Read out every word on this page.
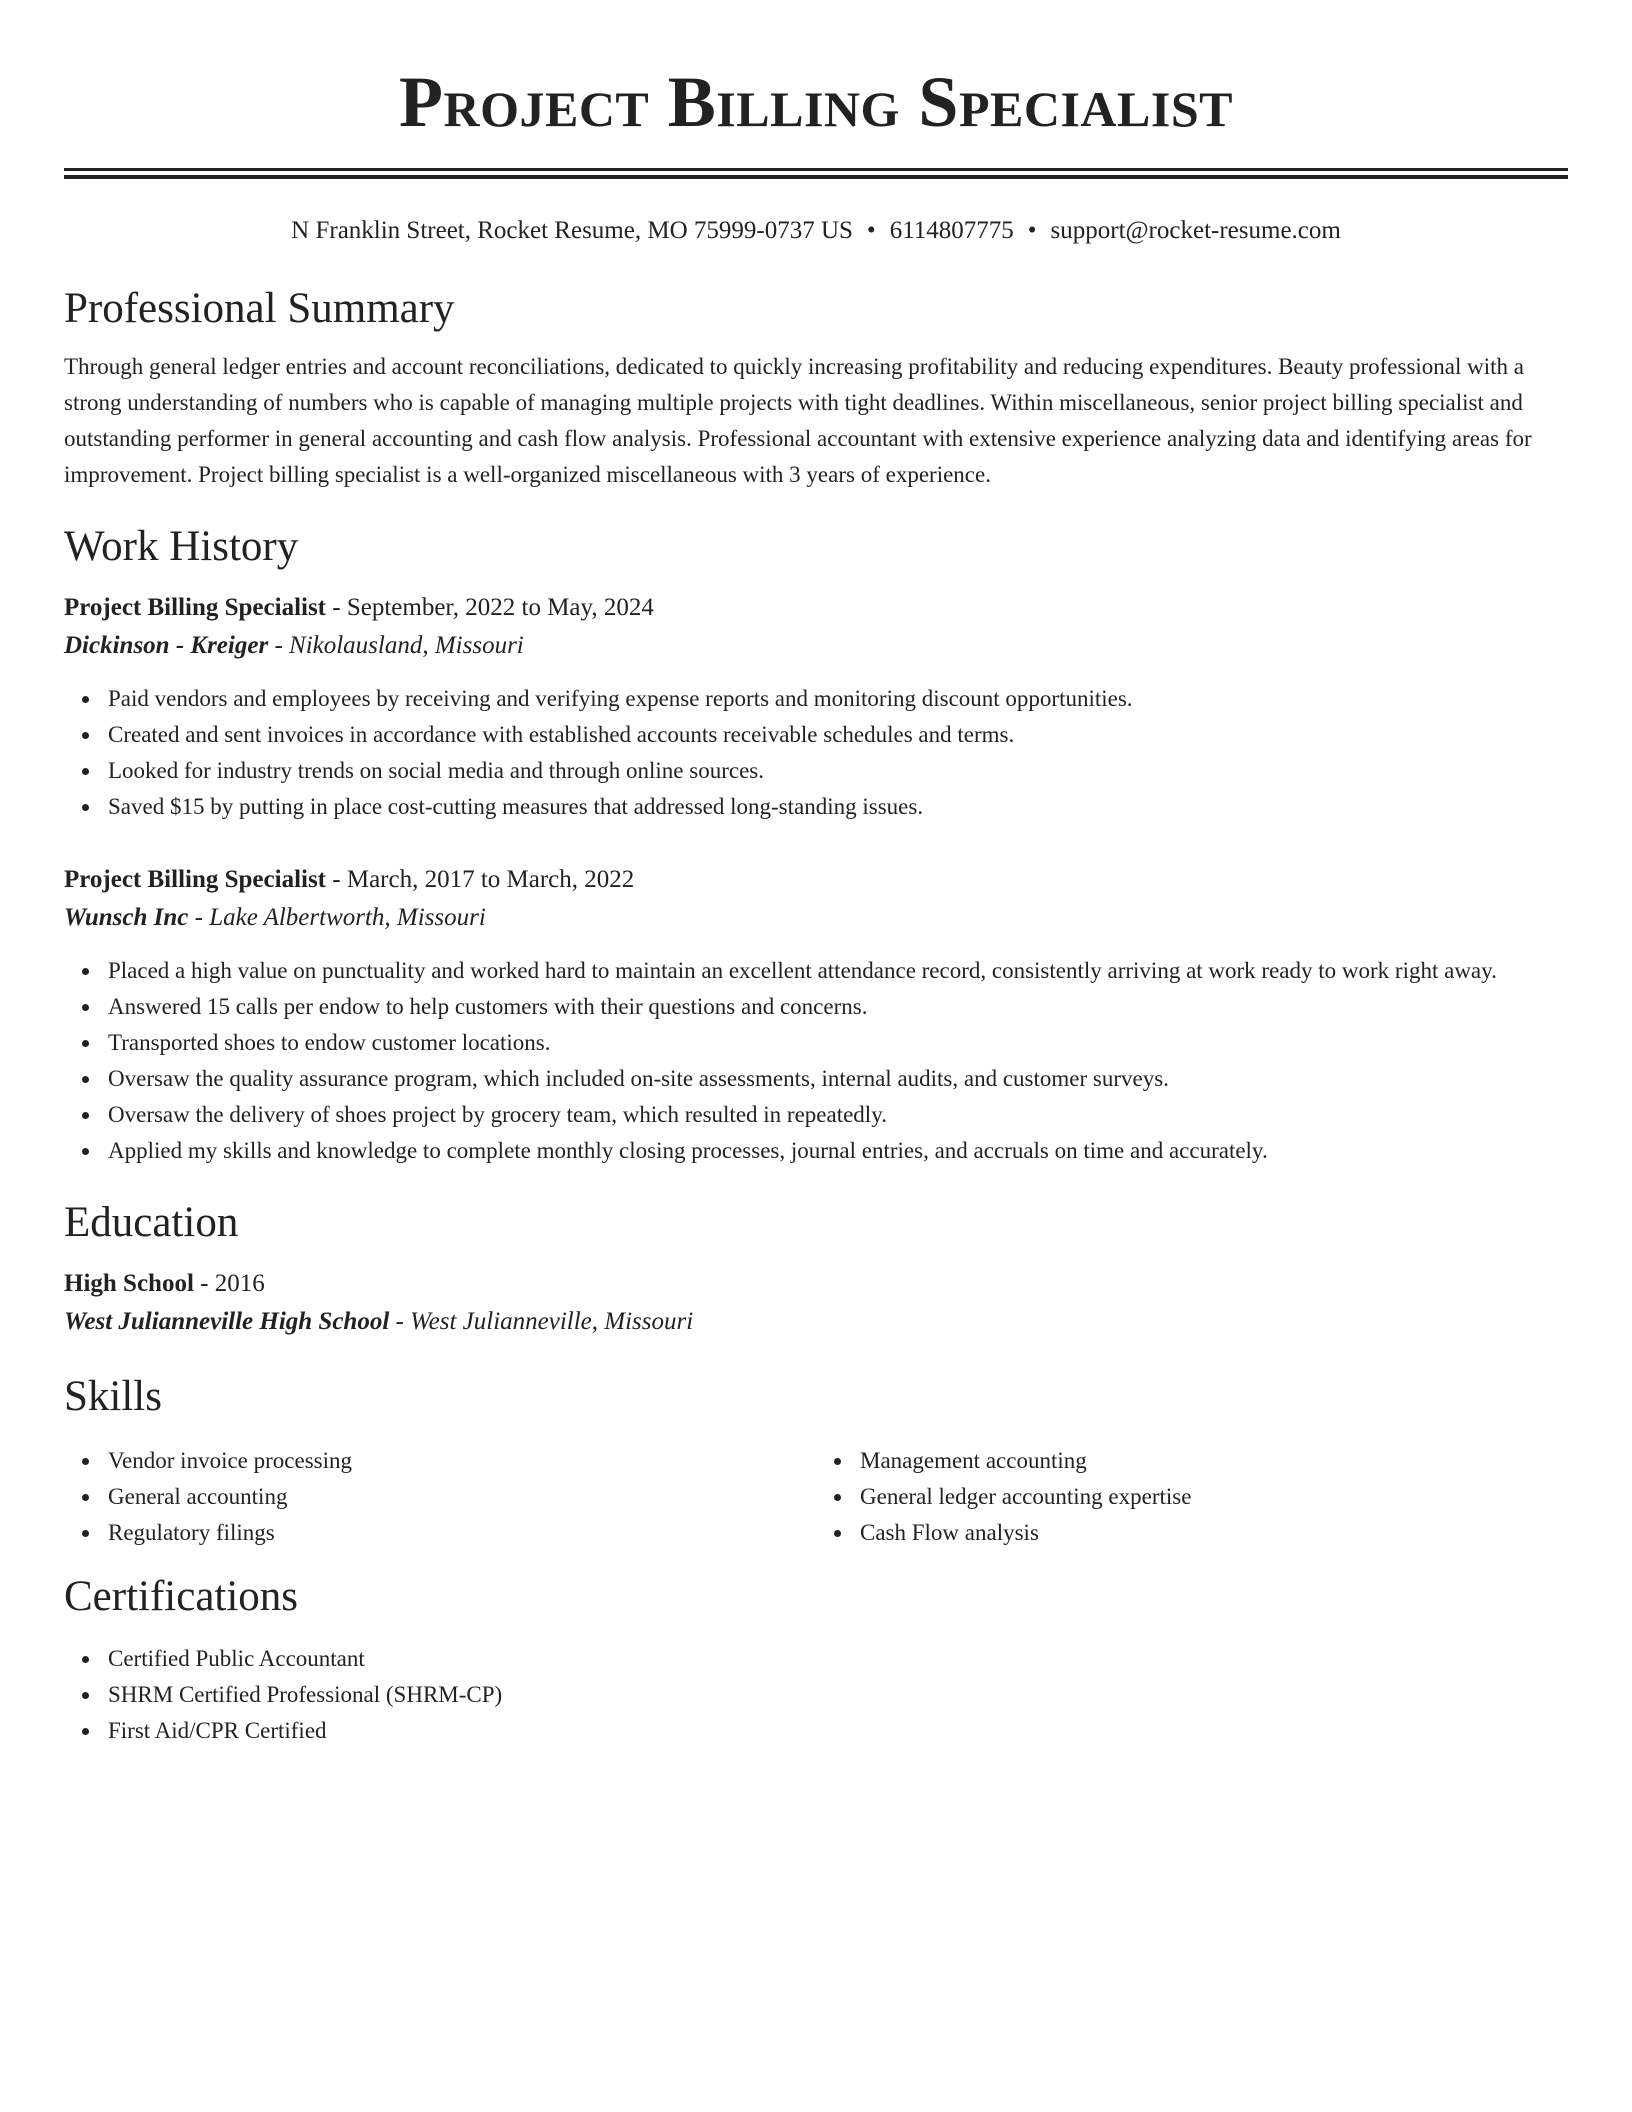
Project Billing Specialist
N Franklin Street, Rocket Resume, MO 75999-0737 US • 6114807775 • support@rocket-resume.com
Professional Summary

Through general ledger entries and account reconciliations, dedicated to quickly increasing profitability and reducing expenditures. Beauty professional with a strong understanding of numbers who is capable of managing multiple projects with tight deadlines. Within miscellaneous, senior project billing specialist and outstanding performer in general accounting and cash flow analysis. Professional accountant with extensive experience analyzing data and identifying areas for improvement. Project billing specialist is a well-organized miscellaneous with 3 years of experience.

Work History
Project Billing Specialist - September, 2022 to May, 2024
Dickinson - Kreiger - Nikolausland, Missouri
Paid vendors and employees by receiving and verifying expense reports and monitoring discount opportunities.
Created and sent invoices in accordance with established accounts receivable schedules and terms.
Looked for industry trends on social media and through online sources.
Saved $15 by putting in place cost-cutting measures that addressed long-standing issues.
Project Billing Specialist - March, 2017 to March, 2022
Wunsch Inc - Lake Albertworth, Missouri
Placed a high value on punctuality and worked hard to maintain an excellent attendance record, consistently arriving at work ready to work right away.
Answered 15 calls per endow to help customers with their questions and concerns.
Transported shoes to endow customer locations.
Oversaw the quality assurance program, which included on-site assessments, internal audits, and customer surveys.
Oversaw the delivery of shoes project by grocery team, which resulted in repeatedly.
Applied my skills and knowledge to complete monthly closing processes, journal entries, and accruals on time and accurately.
Education
High School - 2016
West Julianneville High School - West Julianneville, Missouri
Skills
Vendor invoice processing
General accounting
Regulatory filings
Management accounting
General ledger accounting expertise
Cash Flow analysis
Certifications
Certified Public Accountant
SHRM Certified Professional (SHRM-CP)
First Aid/CPR Certified
